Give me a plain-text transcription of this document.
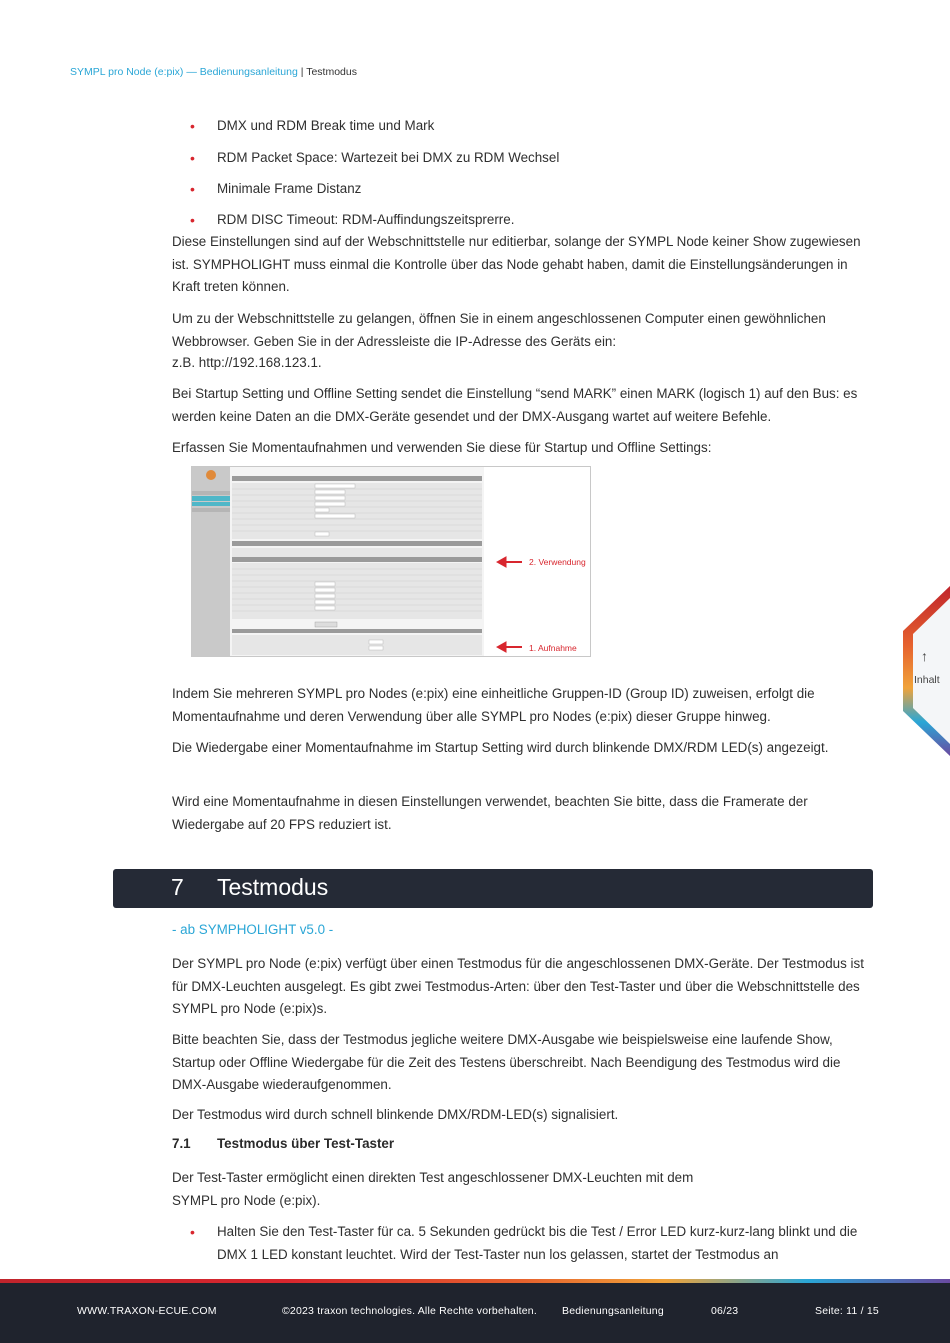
SYMPL pro Node (e:pix) — Bedienungsanleitung | Testmodus
•	DMX und RDM Break time und Mark
•	RDM Packet Space: Wartezeit bei DMX zu RDM Wechsel
•	Minimale Frame Distanz
•	RDM DISC Timeout: RDM-Auffindungszeitsprerre.
Diese Einstellungen sind auf der Webschnittstelle nur editierbar, solange der SYMPL Node keiner Show zugewiesen ist. SYMPHOLIGHT muss einmal die Kontrolle über das Node gehabt haben, damit die Einstellungsänderungen in Kraft treten können.
Um zu der Webschnittstelle zu gelangen, öffnen Sie in einem angeschlossenen Computer einen gewöhnlichen Webbrowser. Geben Sie in der Adressleiste die IP-Adresse des Geräts ein:
z.B. http://192.168.123.1.
Bei Startup Setting und Offline Setting sendet die Einstellung “send MARK” einen MARK (logisch 1) auf den Bus: es werden keine Daten an die DMX-Geräte gesendet und der DMX-Ausgang wartet auf weitere Befehle.
Erfassen Sie Momentaufnahmen und verwenden Sie diese für Startup und Offline Settings:
2. Verwendung
1. Aufnahme
Indem Sie mehreren SYMPL pro Nodes (e:pix) eine einheitliche Gruppen-ID (Group ID) zuweisen, erfolgt die Momentaufnahme und deren Verwendung über alle SYMPL pro Nodes (e:pix) dieser Gruppe hinweg.
Die Wiedergabe einer Momentaufnahme im Startup Setting wird durch blinkende DMX/RDM LED(s) angezeigt.
Wird eine Momentaufnahme in diesen Einstellungen verwendet, beachten Sie bitte, dass die Framerate der Wiedergabe auf 20 FPS reduziert ist.
7 Testmodus
- ab SYMPHOLIGHT v5.0 -
Der SYMPL pro Node (e:pix) verfügt über einen Testmodus für die angeschlossenen DMX-Geräte. Der Testmodus ist für DMX-Leuchten ausgelegt. Es gibt zwei Testmodus-Arten: über den Test-Taster und über die Webschnittstelle des SYMPL pro Node (e:pix)s.
Bitte beachten Sie, dass der Testmodus jegliche weitere DMX-Ausgabe wie beispielsweise eine laufende Show, Startup oder Offline Wiedergabe für die Zeit des Testens überschreibt. Nach Beendigung des Testmodus wird die DMX-Ausgabe wiederaufgenommen.
Der Testmodus wird durch schnell blinkende DMX/RDM-LED(s) signalisiert.
7.1 Testmodus über Test-Taster
Der Test-Taster ermöglicht einen direkten Test angeschlossener DMX-Leuchten mit dem
SYMPL pro Node (e:pix).
•	Halten Sie den Test-Taster für ca. 5 Sekunden gedrückt bis die Test / Error LED kurz-kurz-lang blinkt und die DMX 1 LED konstant leuchtet. Wird der Test-Taster nun los gelassen, startet der Testmodus an
↑
Inhalt
WWW.TRAXON-ECUE.COM	©2023 traxon technologies. Alle Rechte vorbehalten. Bedienungsanleitung	06/23	Seite: 11 / 15
